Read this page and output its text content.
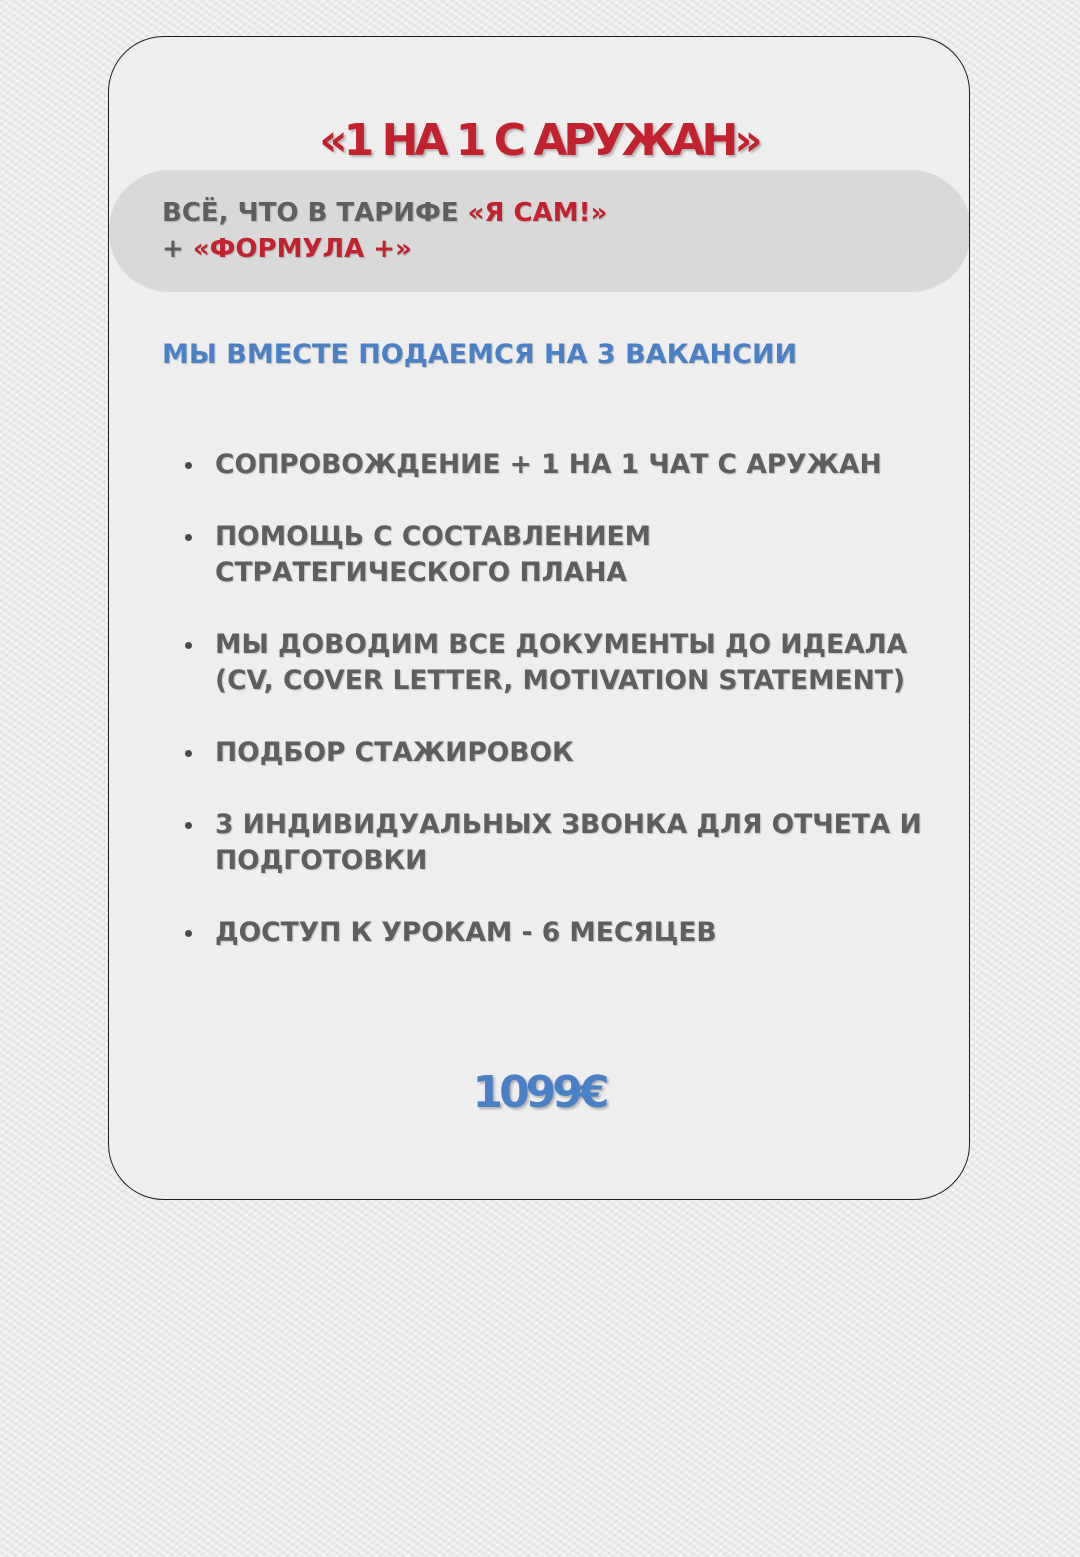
«1 НА 1 С АРУЖАН»
ВСЁ, ЧТО В ТАРИФЕ «Я САМ!»
+ «ФОРМУЛА +»
МЫ ВМЕСТЕ ПОДАЕМСЯ НА 3 ВАКАНСИИ
СОПРОВОЖДЕНИЕ + 1 НА 1 ЧАТ С АРУЖАН
ПОМОЩЬ С СОСТАВЛЕНИЕМ СТРАТЕГИЧЕСКОГО ПЛАНА
МЫ ДОВОДИМ ВСЕ ДОКУМЕНТЫ ДО ИДЕАЛА (CV, COVER LETTER, MOTIVATION STATEMENT)
ПОДБОР СТАЖИРОВОК
3 ИНДИВИДУАЛЬНЫХ ЗВОНКА ДЛЯ ОТЧЕТА И ПОДГОТОВКИ
ДОСТУП К УРОКАМ - 6 МЕСЯЦЕВ
1099€
